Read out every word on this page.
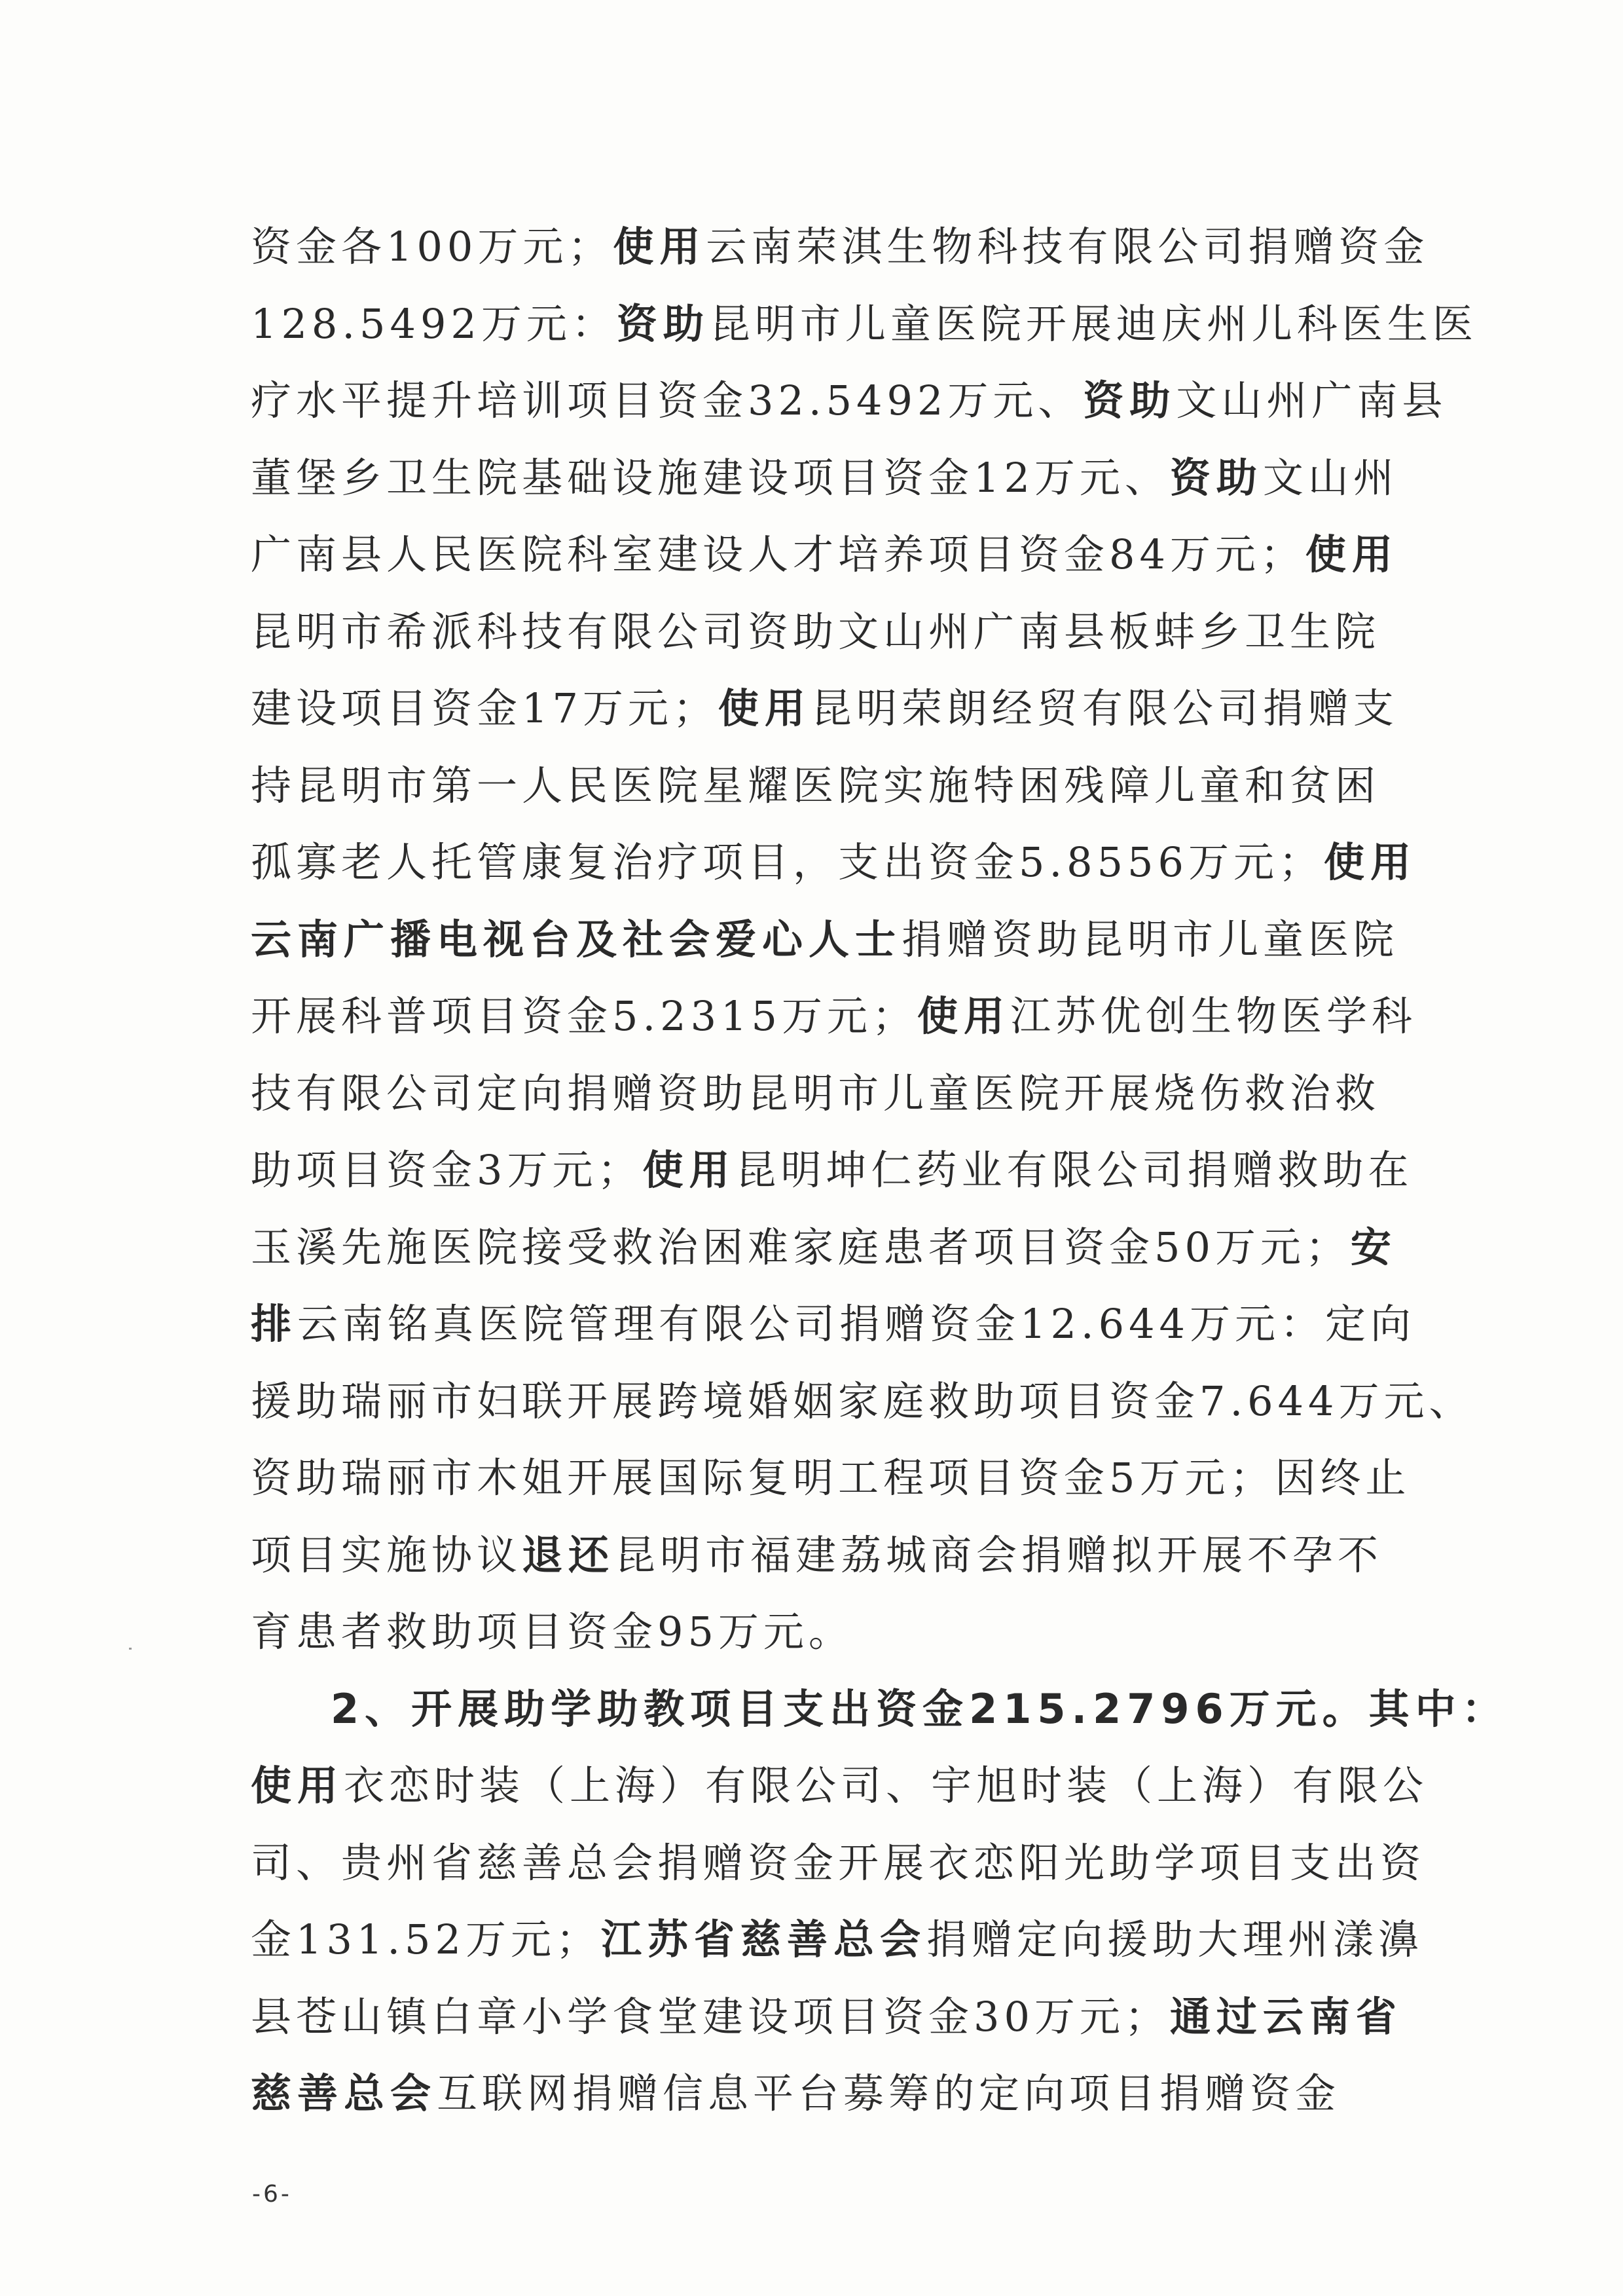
资金各100万元；使用云南荣淇生物科技有限公司捐赠资金
128.5492万元：资助昆明市儿童医院开展迪庆州儿科医生医
疗水平提升培训项目资金32.5492万元、资助文山州广南县
董堡乡卫生院基础设施建设项目资金12万元、资助文山州
广南县人民医院科室建设人才培养项目资金84万元；使用
昆明市希派科技有限公司资助文山州广南县板蚌乡卫生院
建设项目资金17万元；使用昆明荣朗经贸有限公司捐赠支
持昆明市第一人民医院星耀医院实施特困残障儿童和贫困
孤寡老人托管康复治疗项目，支出资金5.8556万元；使用
云南广播电视台及社会爱心人士捐赠资助昆明市儿童医院
开展科普项目资金5.2315万元；使用江苏优创生物医学科
技有限公司定向捐赠资助昆明市儿童医院开展烧伤救治救
助项目资金3万元；使用昆明坤仁药业有限公司捐赠救助在
玉溪先施医院接受救治困难家庭患者项目资金50万元；安
排云南铭真医院管理有限公司捐赠资金12.644万元：定向
援助瑞丽市妇联开展跨境婚姻家庭救助项目资金7.644万元、
资助瑞丽市木姐开展国际复明工程项目资金5万元；因终止
项目实施协议退还昆明市福建荔城商会捐赠拟开展不孕不
育患者救助项目资金95万元。
2、开展助学助教项目支出资金215.2796万元。其中：
使用衣恋时装（上海）有限公司、宇旭时装（上海）有限公
司、贵州省慈善总会捐赠资金开展衣恋阳光助学项目支出资
金131.52万元；江苏省慈善总会捐赠定向援助大理州漾濞
县苍山镇白章小学食堂建设项目资金30万元；通过云南省
慈善总会互联网捐赠信息平台募筹的定向项目捐赠资金
-6-
